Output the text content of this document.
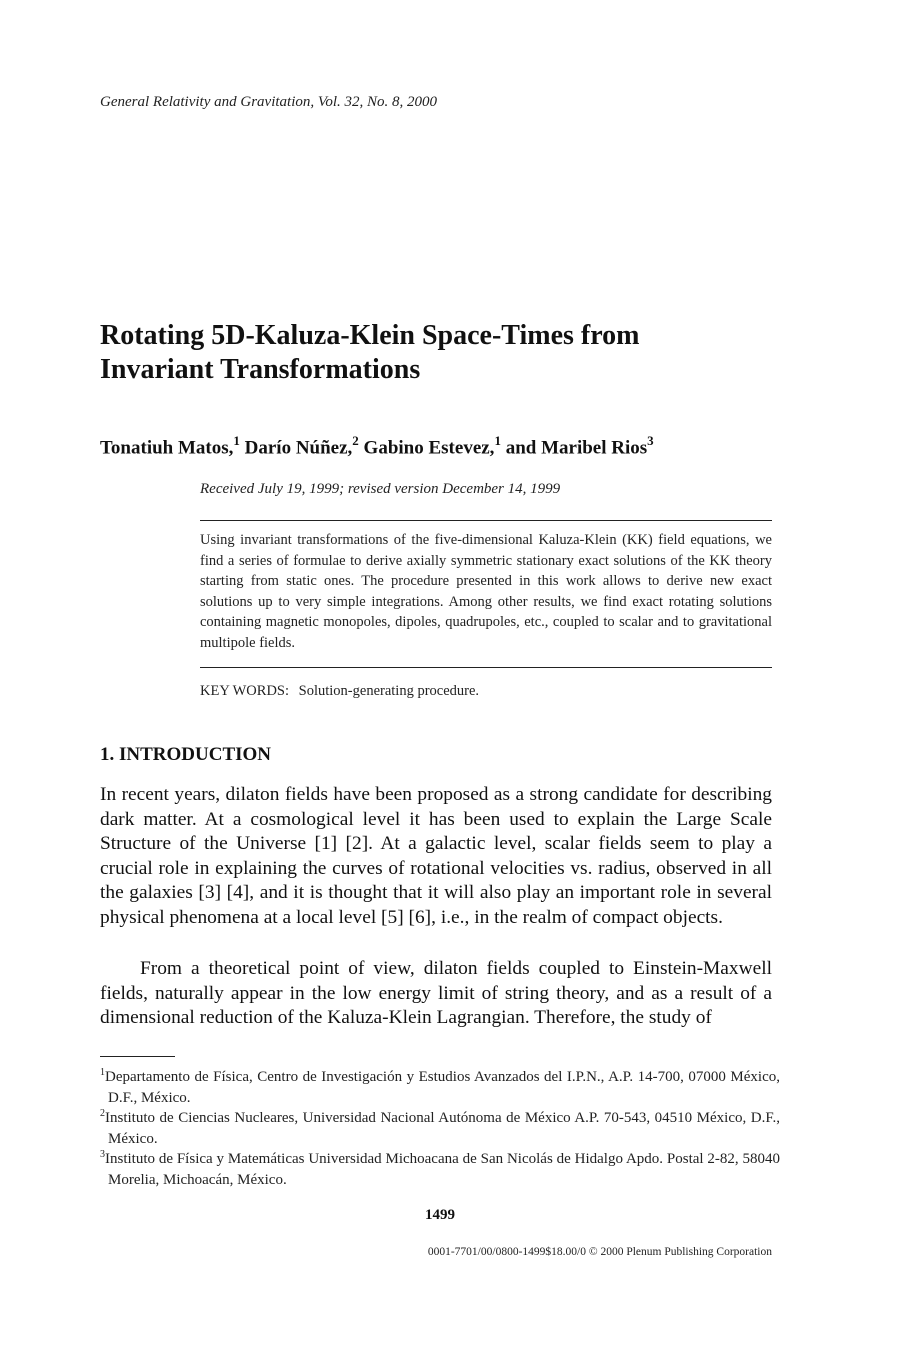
General Relativity and Gravitation, Vol. 32, No. 8, 2000
Rotating 5D-Kaluza-Klein Space-Times from
Invariant Transformations
Tonatiuh Matos,$^1$ Darío Núñez,$^2$ Gabino Estevez,$^1$ and Maribel Rios$^3$
Received July 19, 1999; revised version December 14, 1999

Using invariant transformations of the five-dimensional Kaluza-Klein (KK) field equations, we find a series of formulae to derive axially symmetric stationary exact solutions of the KK theory starting from static ones. The procedure presented in this work allows to derive new exact solutions up to very simple integrations. Among other results, we find exact rotating solutions containing magnetic monopoles, dipoles, quadrupoles, etc., coupled to scalar and to gravitational multipole fields.

KEY WORDS: Solution-generating procedure.
1. INTRODUCTION

In recent years, dilaton fields have been proposed as a strong candidate for describing dark matter. At a cosmological level it has been used to explain the Large Scale Structure of the Universe [1] [2]. At a galactic level, scalar fields seem to play a crucial role in explaining the curves of rotational velocities vs. radius, observed in all the galaxies [3] [4], and it is thought that it will also play an important role in several physical phenomena at a local level [5] [6], i.e., in the realm of compact objects.

From a theoretical point of view, dilaton fields coupled to Einstein-Maxwell fields, naturally appear in the low energy limit of string theory, and as a result of a dimensional reduction of the Kaluza-Klein Lagrangian. Therefore, the study of

$^1$Departamento de Física, Centro de Investigación y Estudios Avanzados del I.P.N., A.P. 14-700, 07000 México, D.F., México.

$^2$Instituto de Ciencias Nucleares, Universidad Nacional Autónoma de México A.P. 70-543, 04510 México, D.F., México.

$^3$Instituto de Física y Matemáticas Universidad Michoacana de San Nicolás de Hidalgo Apdo. Postal 2-82, 58040 Morelia, Michoacán, México.

1499
0001-7701/00/0800-1499$18.00/0 © 2000 Plenum Publishing Corporation
